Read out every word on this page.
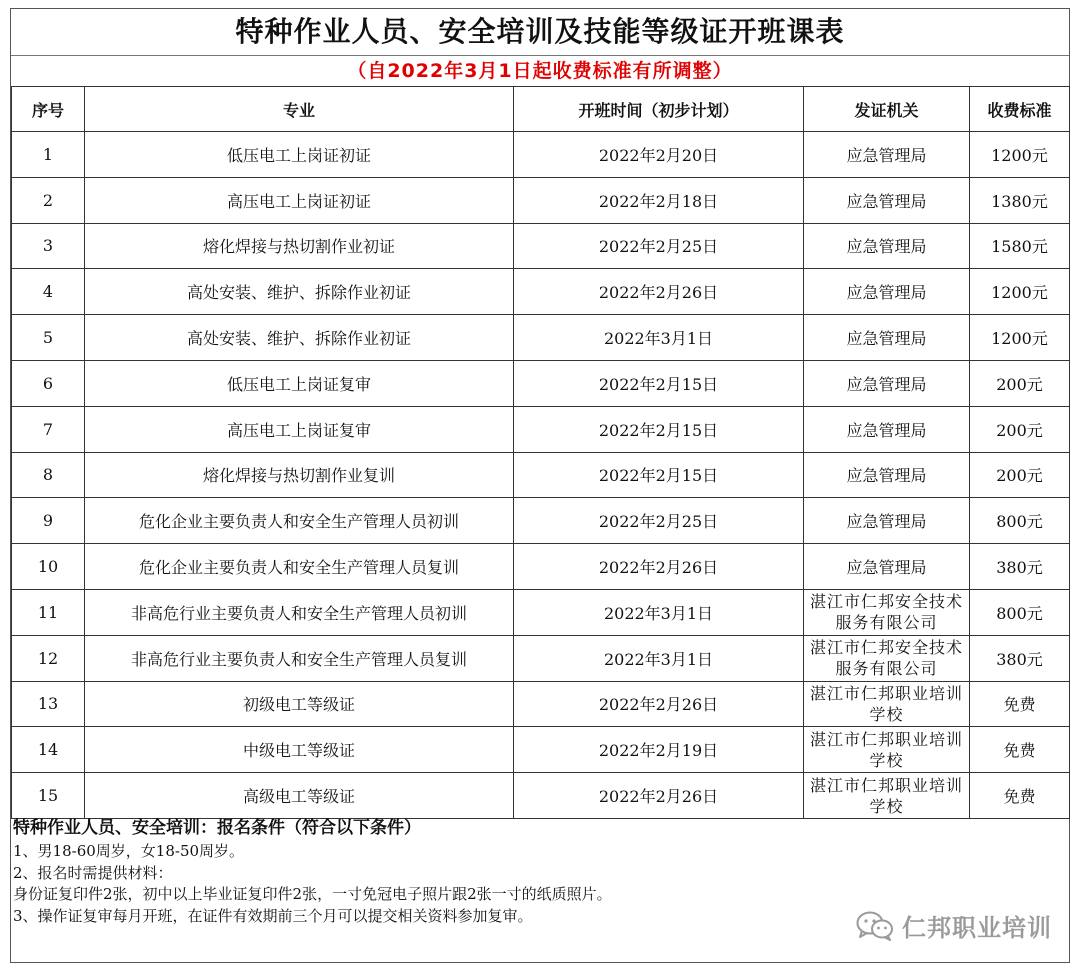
特种作业人员、安全培训及技能等级证开班课表
（自2022年3月1日起收费标准有所调整）
序号	专业	开班时间（初步计划）	发证机关	收费标准
1	低压电工上岗证初证	2022年2月20日	应急管理局	1200元
2	高压电工上岗证初证	2022年2月18日	应急管理局	1380元
3	熔化焊接与热切割作业初证	2022年2月25日	应急管理局	1580元
4	高处安装、维护、拆除作业初证	2022年2月26日	应急管理局	1200元
5	高处安装、维护、拆除作业初证	2022年3月1日	应急管理局	1200元
6	低压电工上岗证复审	2022年2月15日	应急管理局	200元
7	高压电工上岗证复审	2022年2月15日	应急管理局	200元
8	熔化焊接与热切割作业复训	2022年2月15日	应急管理局	200元
9	危化企业主要负责人和安全生产管理人员初训	2022年2月25日	应急管理局	800元
10	危化企业主要负责人和安全生产管理人员复训	2022年2月26日	应急管理局	380元
11	非高危行业主要负责人和安全生产管理人员初训	2022年3月1日	湛江市仁邦安全技术服务有限公司	800元
12	非高危行业主要负责人和安全生产管理人员复训	2022年3月1日	湛江市仁邦安全技术服务有限公司	380元
13	初级电工等级证	2022年2月26日	湛江市仁邦职业培训学校	免费
14	中级电工等级证	2022年2月19日	湛江市仁邦职业培训学校	免费
15	高级电工等级证	2022年2月26日	湛江市仁邦职业培训学校	免费
特种作业人员、安全培训：报名条件（符合以下条件）
1、男18-60周岁，女18-50周岁。
2、报名时需提供材料：
身份证复印件2张，初中以上毕业证复印件2张，一寸免冠电子照片跟2张一寸的纸质照片。
3、操作证复审每月开班，在证件有效期前三个月可以提交相关资料参加复审。	仁邦职业培训
